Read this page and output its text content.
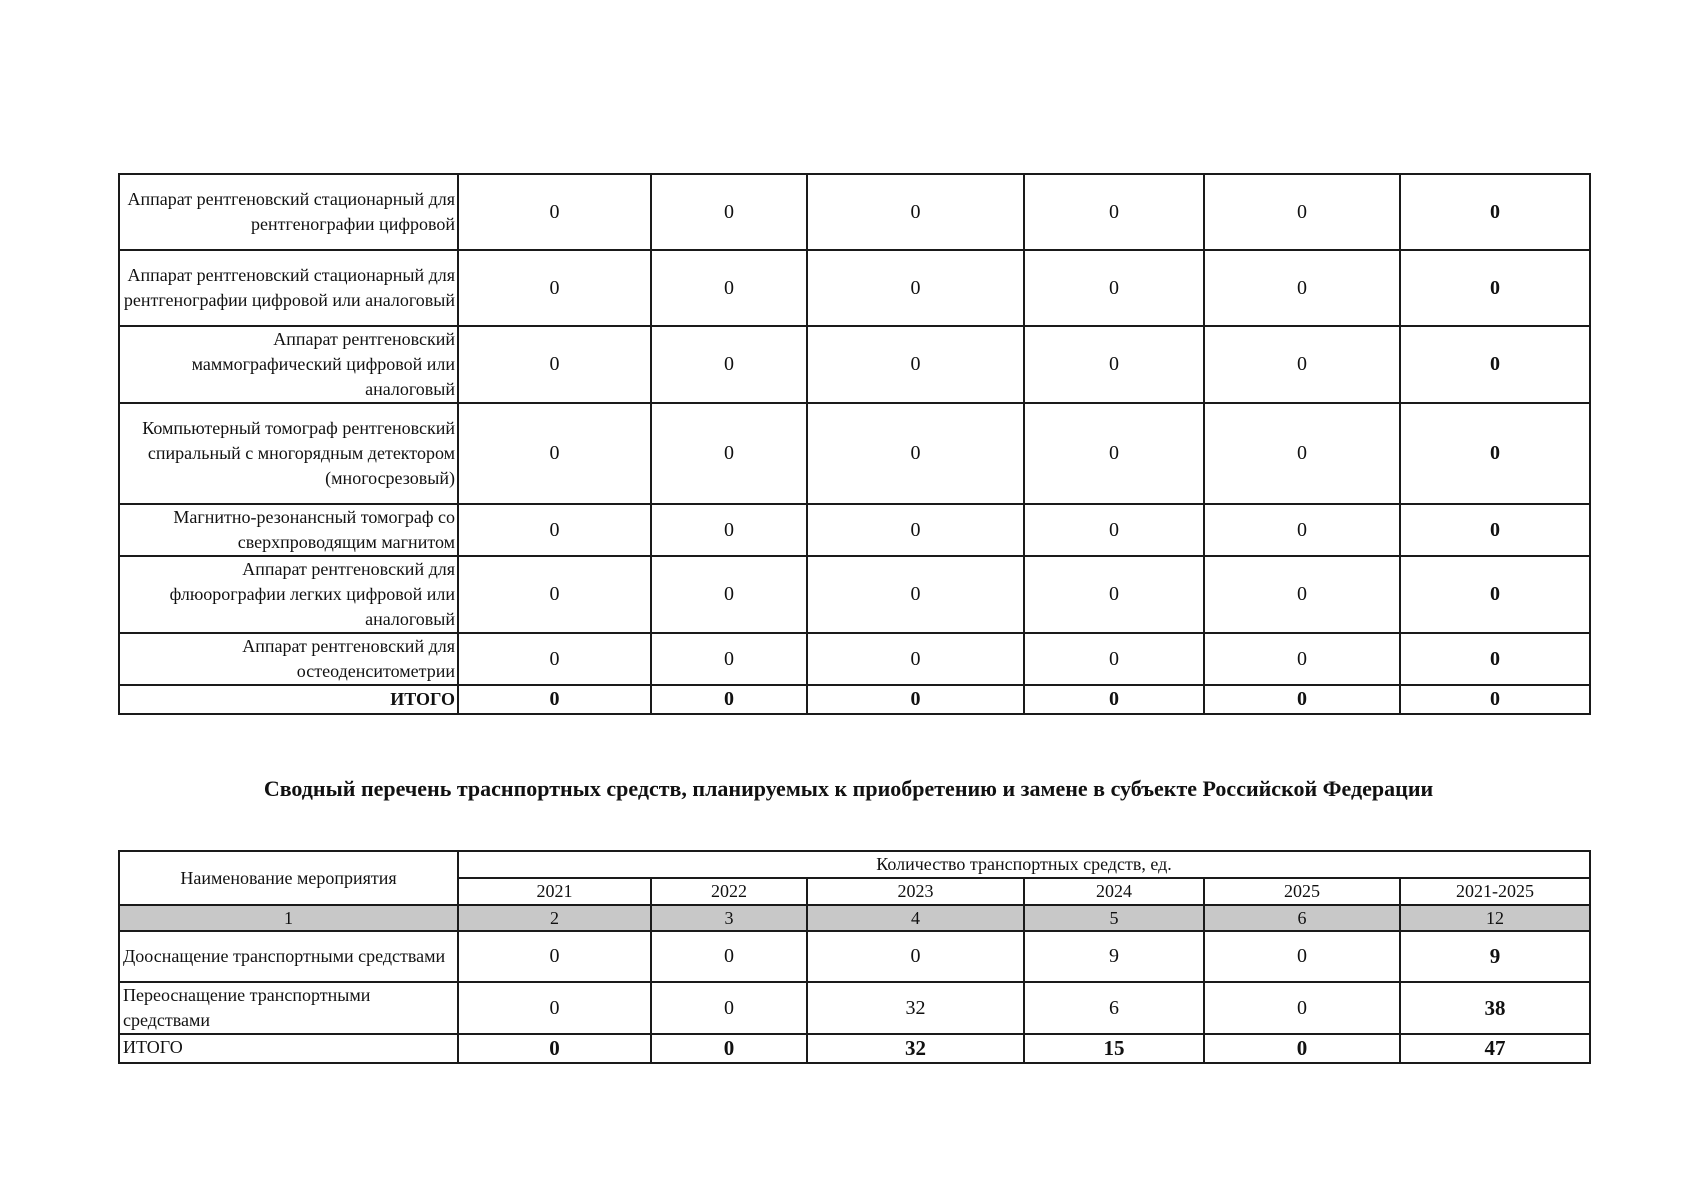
Аппарат рентгеновский стационарный для рентгенографии цифровой	0	0	0	0	0	0
Аппарат рентгеновский стационарный для рентгенографии цифровой или аналоговый	0	0	0	0	0	0
Аппарат рентгеновский маммографический цифровой или аналоговый	0	0	0	0	0	0
Компьютерный томограф рентгеновский спиральный с многорядным детектором (многосрезовый)	0	0	0	0	0	0
Магнитно-резонансный томограф со сверхпроводящим магнитом	0	0	0	0	0	0
Аппарат рентгеновский для флюорографии легких цифровой или аналоговый	0	0	0	0	0	0
Аппарат рентгеновский для остеоденситометрии	0	0	0	0	0	0
ИТОГО	0	0	0	0	0	0
Сводный перечень траснпортных средств, планируемых к приобретению и замене в субъекте Российской Федерации
Наименование мероприятия	Количество транспортных средств, ед.					
	2021	2022	2023	2024	2025	2021-2025
1	2	3	4	5	6	12
Дооснащение транспортными средствами	0	0	0	9	0	9
Переоснащение транспортными средствами	0	0	32	6	0	38
ИТОГО	0	0	32	15	0	47
